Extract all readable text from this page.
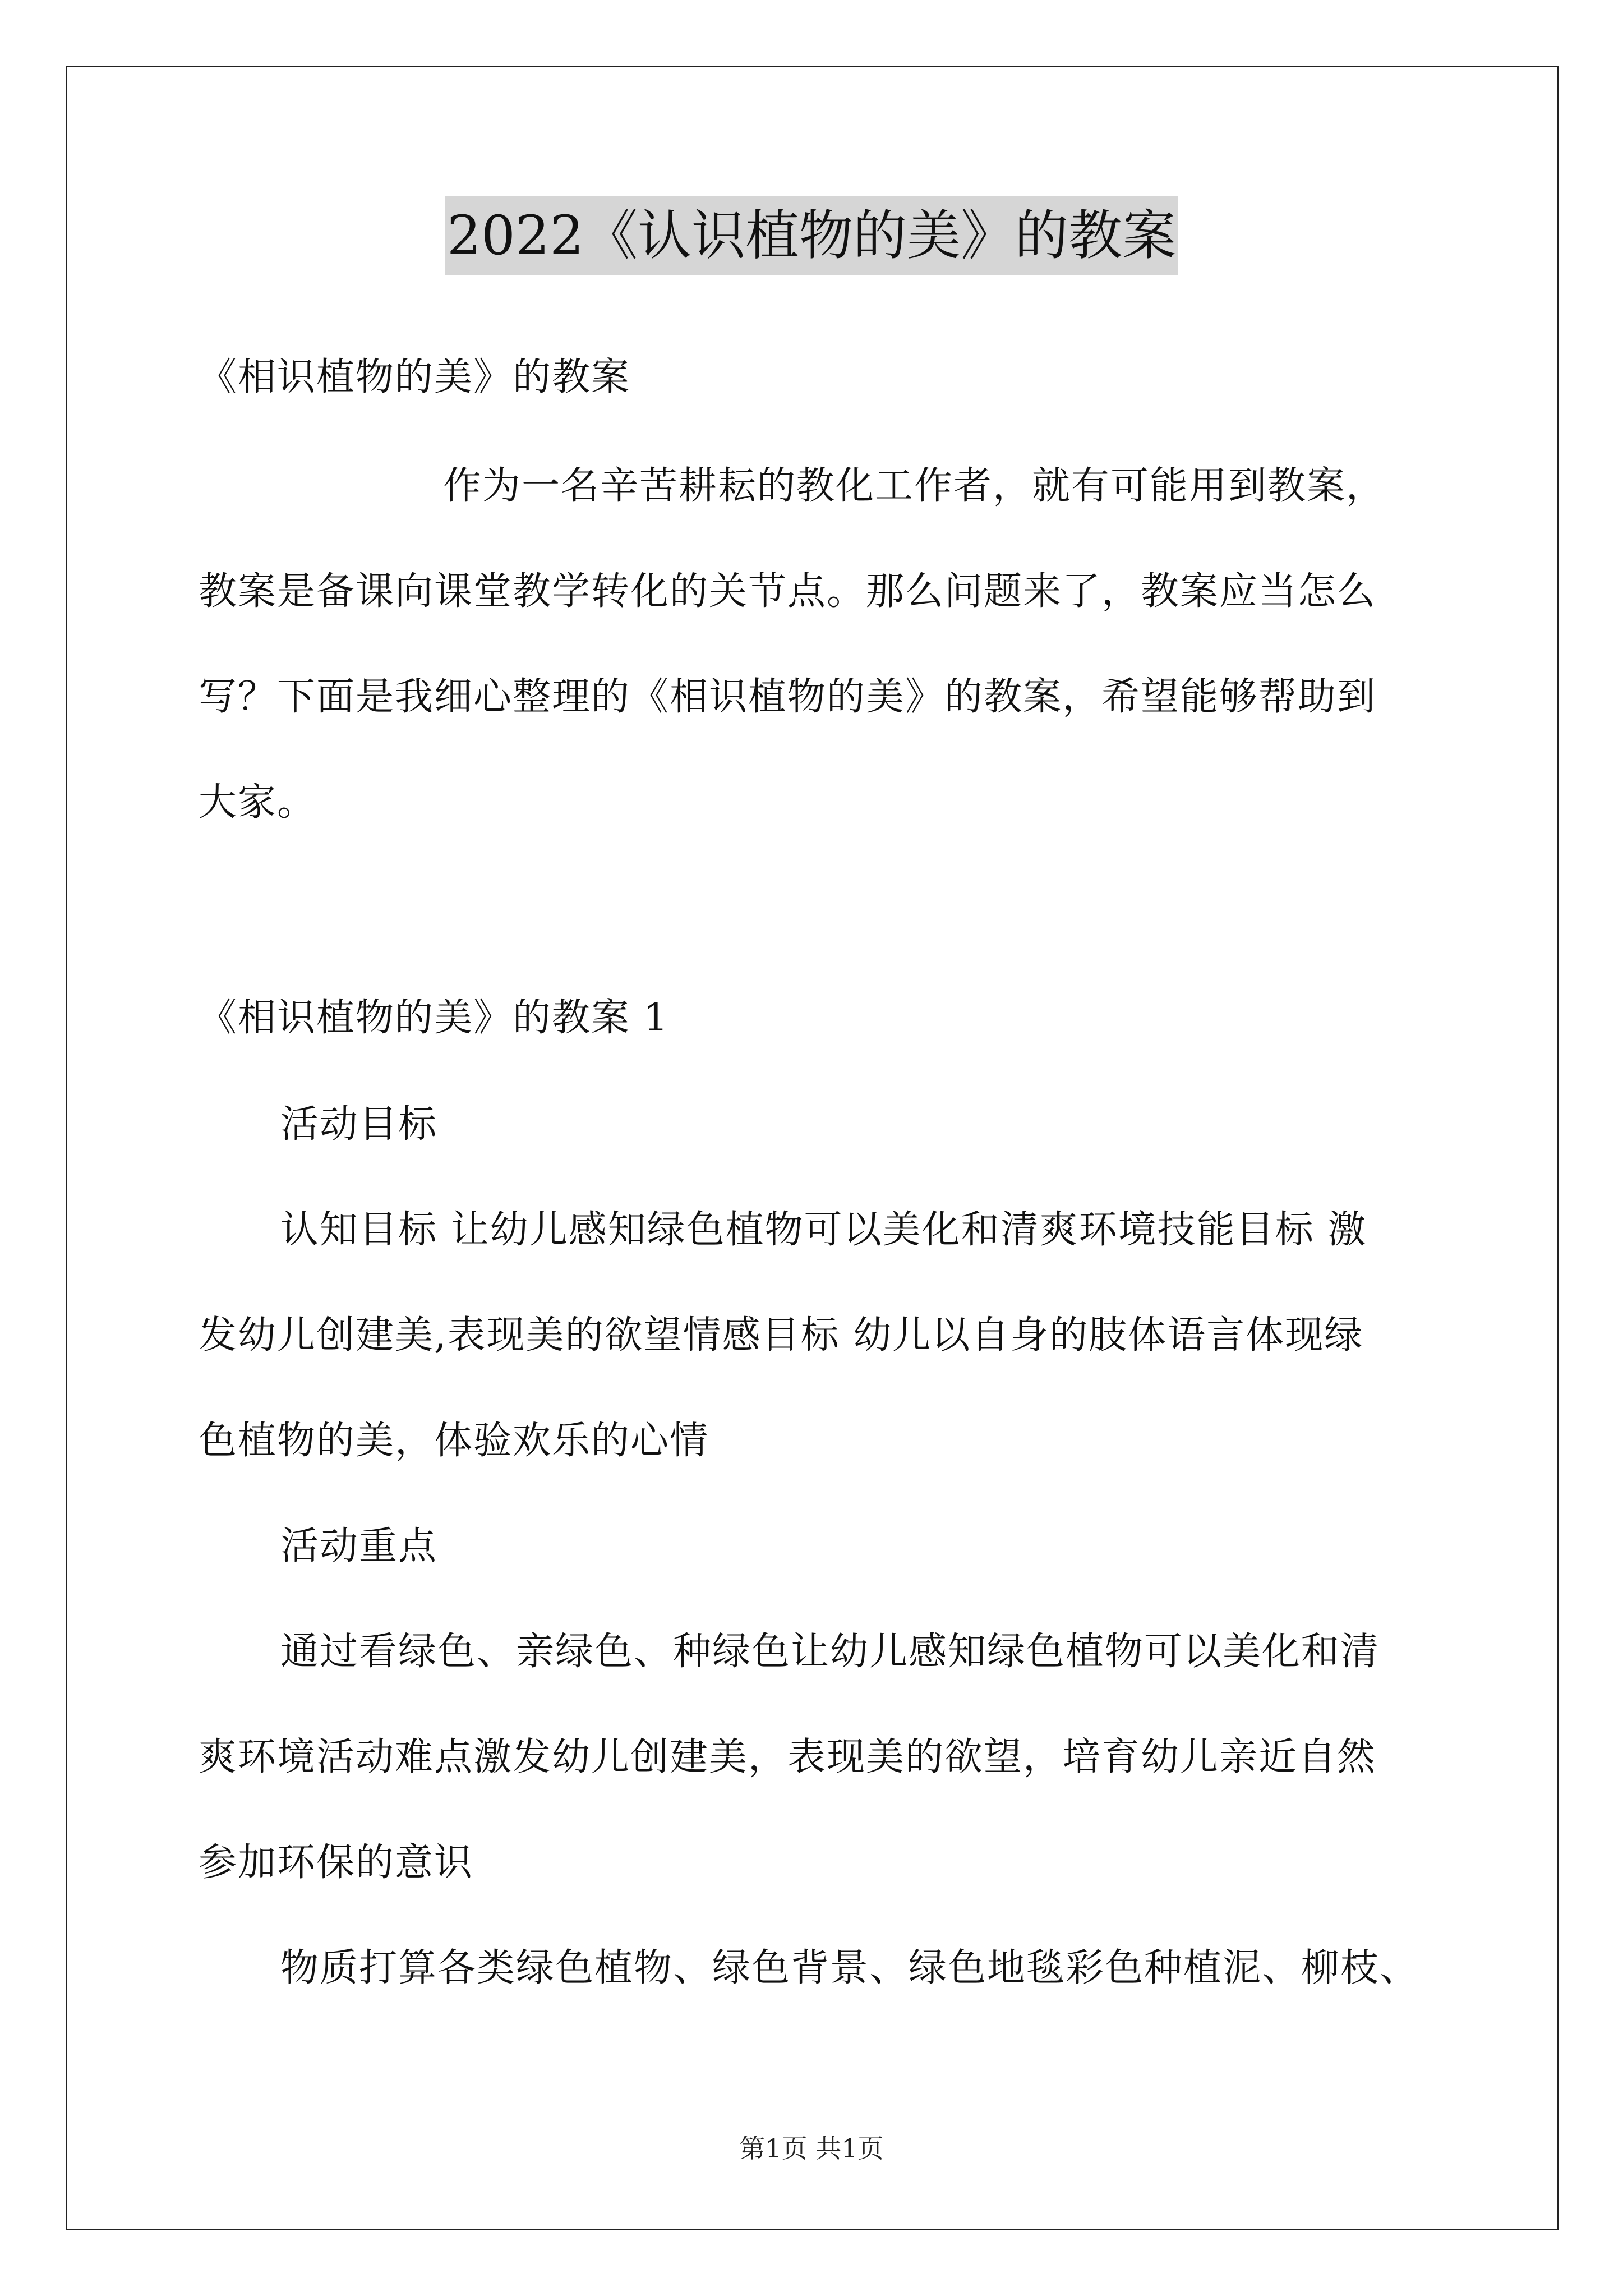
2022《认识植物的美》的教案
《相识植物的美》的教案
作为一名辛苦耕耘的教化工作者，就有可能用到教案，
教案是备课向课堂教学转化的关节点。那么问题来了，教案应当怎么
写？下面是我细心整理的《相识植物的美》的教案，希望能够帮助到
大家。
《相识植物的美》的教案 1
活动目标
认知目标 让幼儿感知绿色植物可以美化和清爽环境技能目标 激
发幼儿创建美,表现美的欲望情感目标 幼儿以自身的肢体语言体现绿
色植物的美，体验欢乐的心情
活动重点
通过看绿色、亲绿色、种绿色让幼儿感知绿色植物可以美化和清
爽环境活动难点激发幼儿创建美，表现美的欲望，培育幼儿亲近自然
参加环保的意识
物质打算各类绿色植物、绿色背景、绿色地毯彩色种植泥、柳枝、
第1页 共1页
